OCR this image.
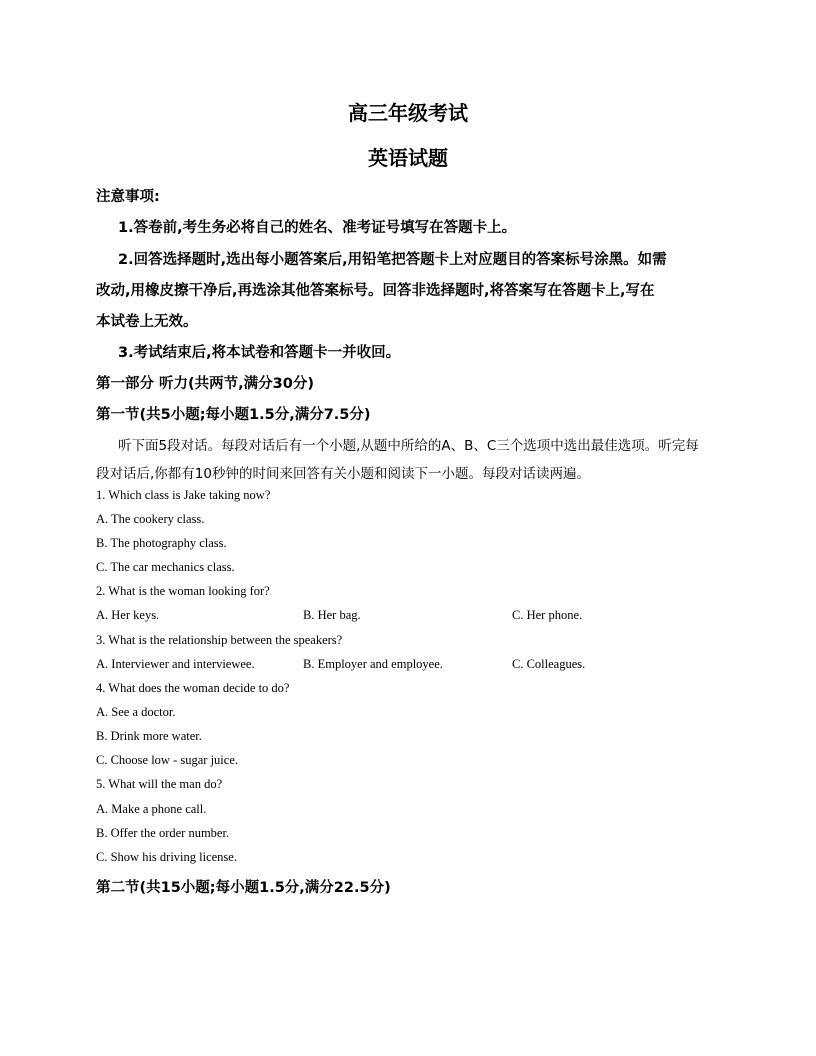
高三年级考试
英语试题
注意事项:
1.答卷前,考生务必将自己的姓名、准考证号填写在答题卡上。
2.回答选择题时,选出每小题答案后,用铅笔把答题卡上对应题目的答案标号涂黑。如需
改动,用橡皮擦干净后,再选涂其他答案标号。回答非选择题时,将答案写在答题卡上,写在
本试卷上无效。
3.考试结束后,将本试卷和答题卡一并收回。
第一部分 听力(共两节,满分30分)
第一节(共5小题;每小题1.5分,满分7.5分)
听下面5段对话。每段对话后有一个小题,从题中所给的A、B、C三个选项中选出最佳选项。听完每
段对话后,你都有10秒钟的时间来回答有关小题和阅读下一小题。每段对话读两遍。
1. Which class is Jake taking now?
A. The cookery class.
B. The photography class.
C. The car mechanics class.
2. What is the woman looking for?
A. Her keys.	B. Her bag.	C. Her phone.
3. What is the relationship between the speakers?
A. Interviewer and interviewee.	B. Employer and employee.	C. Colleagues.
4. What does the woman decide to do?
A. See a doctor.
B. Drink more water.
C. Choose low - sugar juice.
5. What will the man do?
A. Make a phone call.
B. Offer the order number.
C. Show his driving license.
第二节(共15小题;每小题1.5分,满分22.5分)
